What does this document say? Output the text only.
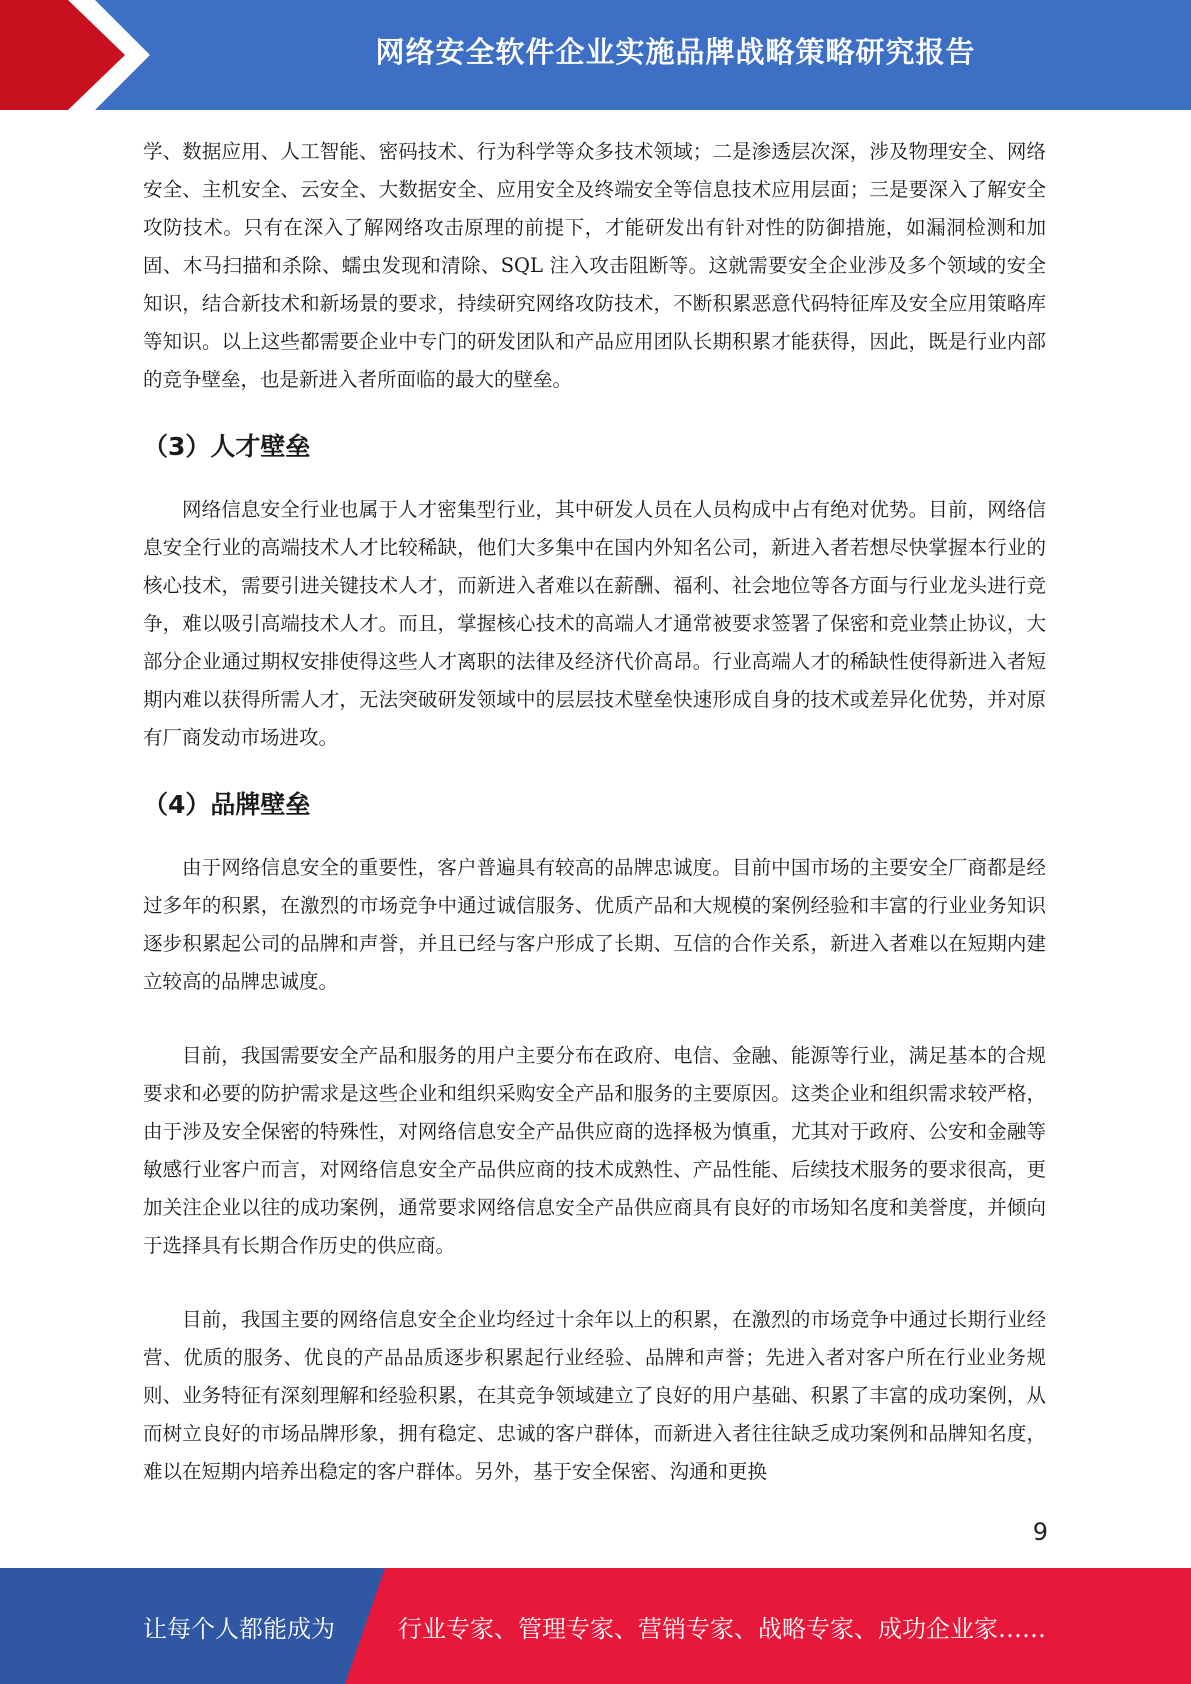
网络安全软件企业实施品牌战略策略研究报告

学、数据应用、人工智能、密码技术、行为科学等众多技术领域；二是渗透层次深，涉及物理安全、网络安全、主机安全、云安全、大数据安全、应用安全及终端安全等信息技术应用层面；三是要深入了解安全攻防技术。只有在深入了解网络攻击原理的前提下，才能研发出有针对性的防御措施，如漏洞检测和加固、木马扫描和杀除、蠕虫发现和清除、SQL 注入攻击阻断等。这就需要安全企业涉及多个领域的安全知识，结合新技术和新场景的要求，持续研究网络攻防技术，不断积累恶意代码特征库及安全应用策略库等知识。以上这些都需要企业中专门的研发团队和产品应用团队长期积累才能获得，因此，既是行业内部的竞争壁垒，也是新进入者所面临的最大的壁垒。

（3）人才壁垒

网络信息安全行业也属于人才密集型行业，其中研发人员在人员构成中占有绝对优势。目前，网络信息安全行业的高端技术人才比较稀缺，他们大多集中在国内外知名公司，新进入者若想尽快掌握本行业的核心技术，需要引进关键技术人才，而新进入者难以在薪酬、福利、社会地位等各方面与行业龙头进行竞争，难以吸引高端技术人才。而且，掌握核心技术的高端人才通常被要求签署了保密和竞业禁止协议，大部分企业通过期权安排使得这些人才离职的法律及经济代价高昂。行业高端人才的稀缺性使得新进入者短期内难以获得所需人才，无法突破研发领域中的层层技术壁垒快速形成自身的技术或差异化优势，并对原有厂商发动市场进攻。

（4）品牌壁垒

由于网络信息安全的重要性，客户普遍具有较高的品牌忠诚度。目前中国市场的主要安全厂商都是经过多年的积累，在激烈的市场竞争中通过诚信服务、优质产品和大规模的案例经验和丰富的行业业务知识逐步积累起公司的品牌和声誉，并且已经与客户形成了长期、互信的合作关系，新进入者难以在短期内建立较高的品牌忠诚度。

目前，我国需要安全产品和服务的用户主要分布在政府、电信、金融、能源等行业，满足基本的合规要求和必要的防护需求是这些企业和组织采购安全产品和服务的主要原因。这类企业和组织需求较严格，由于涉及安全保密的特殊性，对网络信息安全产品供应商的选择极为慎重，尤其对于政府、公安和金融等敏感行业客户而言，对网络信息安全产品供应商的技术成熟性、产品性能、后续技术服务的要求很高，更加关注企业以往的成功案例，通常要求网络信息安全产品供应商具有良好的市场知名度和美誉度，并倾向于选择具有长期合作历史的供应商。

目前，我国主要的网络信息安全企业均经过十余年以上的积累，在激烈的市场竞争中通过长期行业经营、优质的服务、优良的产品品质逐步积累起行业经验、品牌和声誉；先进入者对客户所在行业业务规则、业务特征有深刻理解和经验积累，在其竞争领域建立了良好的用户基础、积累了丰富的成功案例，从而树立良好的市场品牌形象，拥有稳定、忠诚的客户群体，而新进入者往往缺乏成功案例和品牌知名度，难以在短期内培养出稳定的客户群体。另外，基于安全保密、沟通和更换

9
让每个人都能成为	行业专家、管理专家、营销专家、战略专家、成功企业家……
